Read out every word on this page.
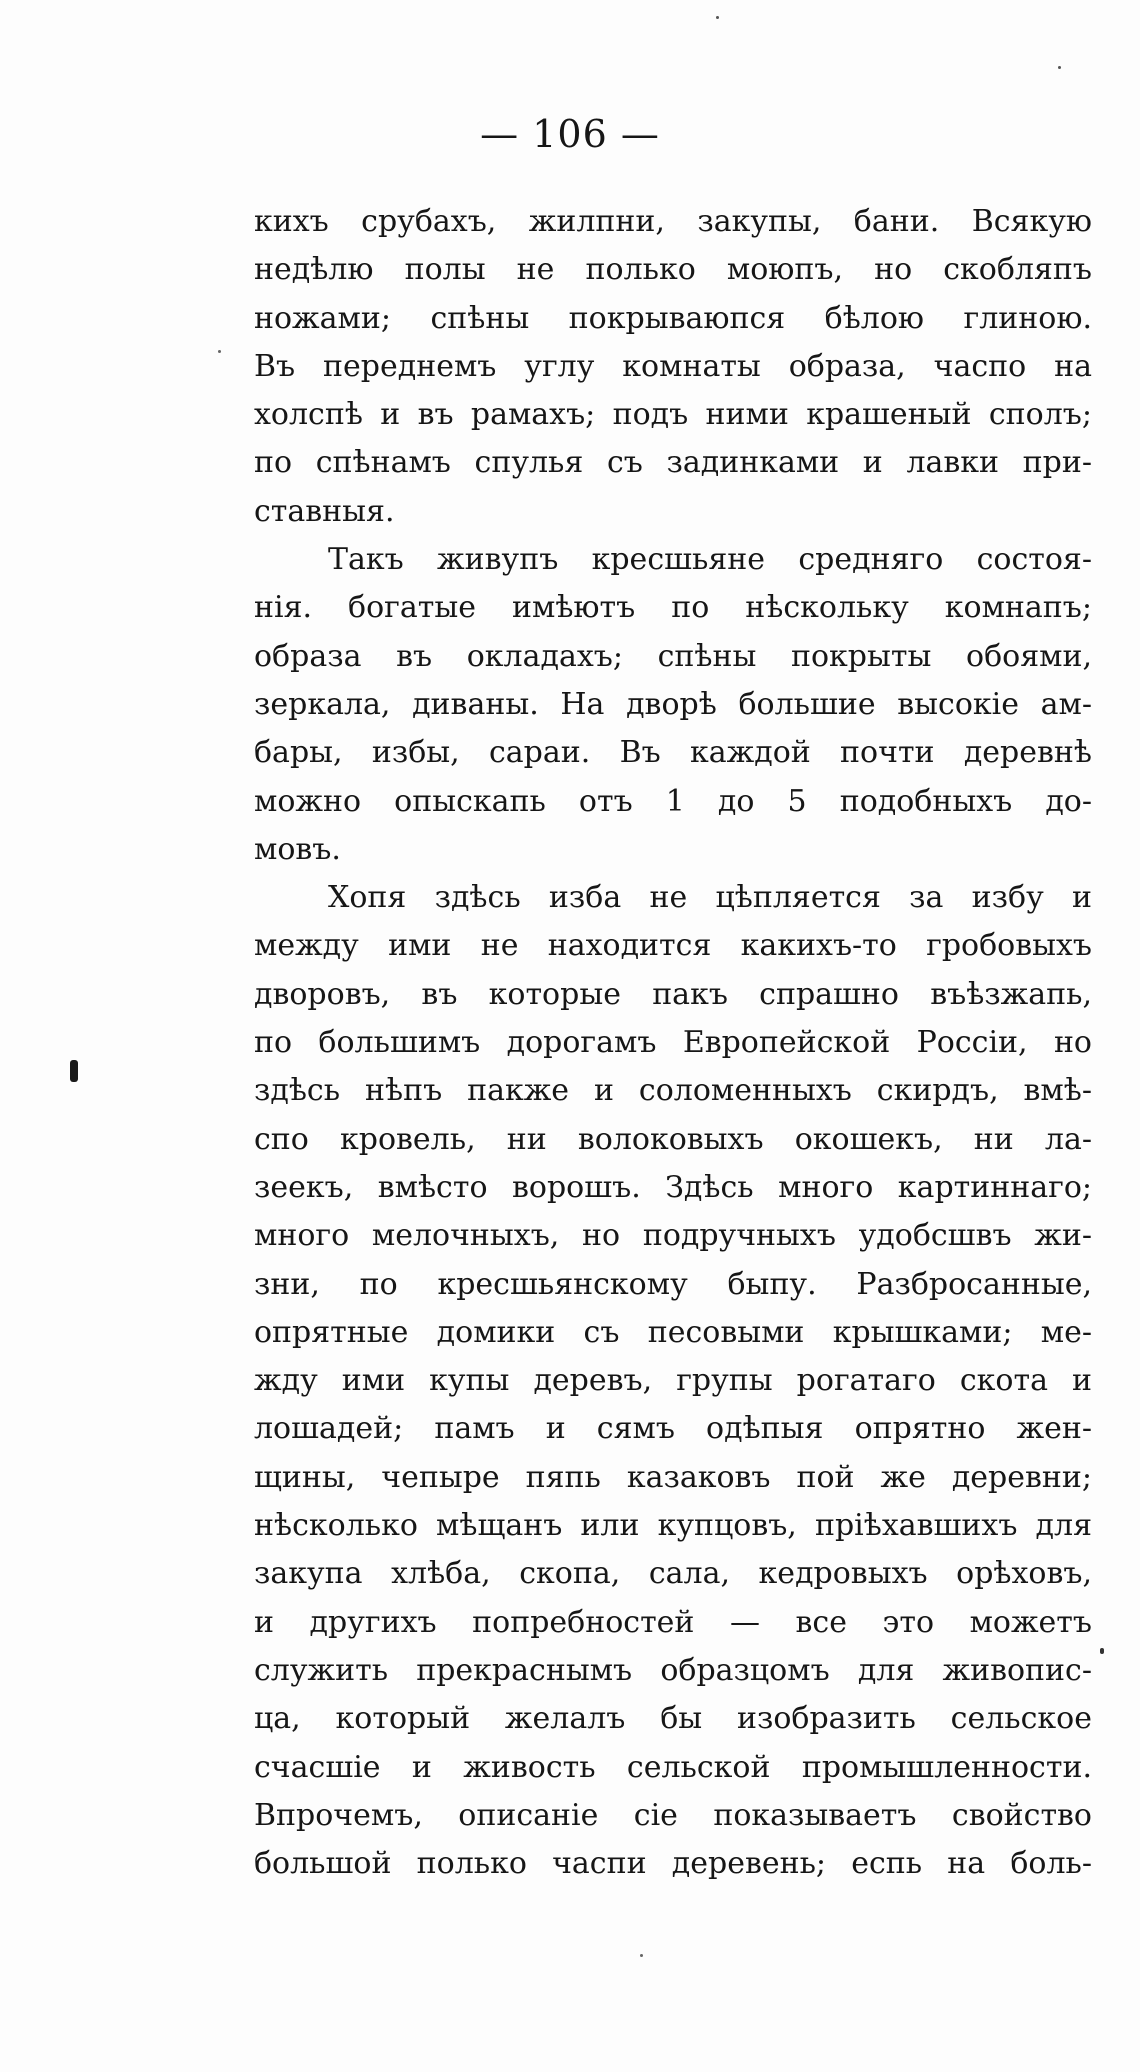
— 106 —
кихъ срубахъ, жилпни, закупы, бани. Всякую
недѣлю полы не полько моюпъ, но скобляпъ
ножами; спѣны покрываюпся бѣлою глиною.
Въ переднемъ углу комнаты образа, часпо на
холспѣ и въ рамахъ; подъ ними крашеный сполъ;
по спѣнамъ спулья съ задинками и лавки при-
ставныя.
Такъ живупъ кресшьяне средняго состоя-
нія. богатые имѣютъ по нѣскольку комнапъ;
образа въ окладахъ; спѣны покрыты обоями,
зеркала, диваны. На дворѣ большие высокіе ам-
бары, избы, сараи. Въ каждой почти деревнѣ
можно опыскапь отъ 1 до 5 подобныхъ до-
мовъ.
Хопя здѣсь изба не цѣпляется за избу и
между ими не находится какихъ-то гробовыхъ
дворовъ, въ которые пакъ спрашно въѣзжапь,
по большимъ дорогамъ Европейской Россіи, но
здѣсь нѣпъ пакже и соломенныхъ скирдъ, вмѣ-
спо кровель, ни волоковыхъ окошекъ, ни ла-
зеекъ, вмѣсто ворошъ. Здѣсь много картиннаго;
много мелочныхъ, но подручныхъ удобсшвъ жи-
зни, по кресшьянскому быпу. Разбросанные,
опрятные домики съ песовыми крышками; ме-
жду ими купы деревъ, групы рогатаго скота и
лошадей; памъ и сямъ одѣпыя опрятно жен-
щины, чепыре пяпь казаковъ пой же деревни;
нѣсколько мѣщанъ или купцовъ, пріѣхавшихъ для
закупа хлѣба, скопа, сала, кедровыхъ орѣховъ,
и другихъ попребностей — все это можетъ
служить прекраснымъ образцомъ для живопис-
ца, который желалъ бы изобразить сельское
счасшіе и живость сельской промышленности.
Впрочемъ, описаніе сіе показываетъ свойство
большой полько часпи деревень; еспь на боль-
